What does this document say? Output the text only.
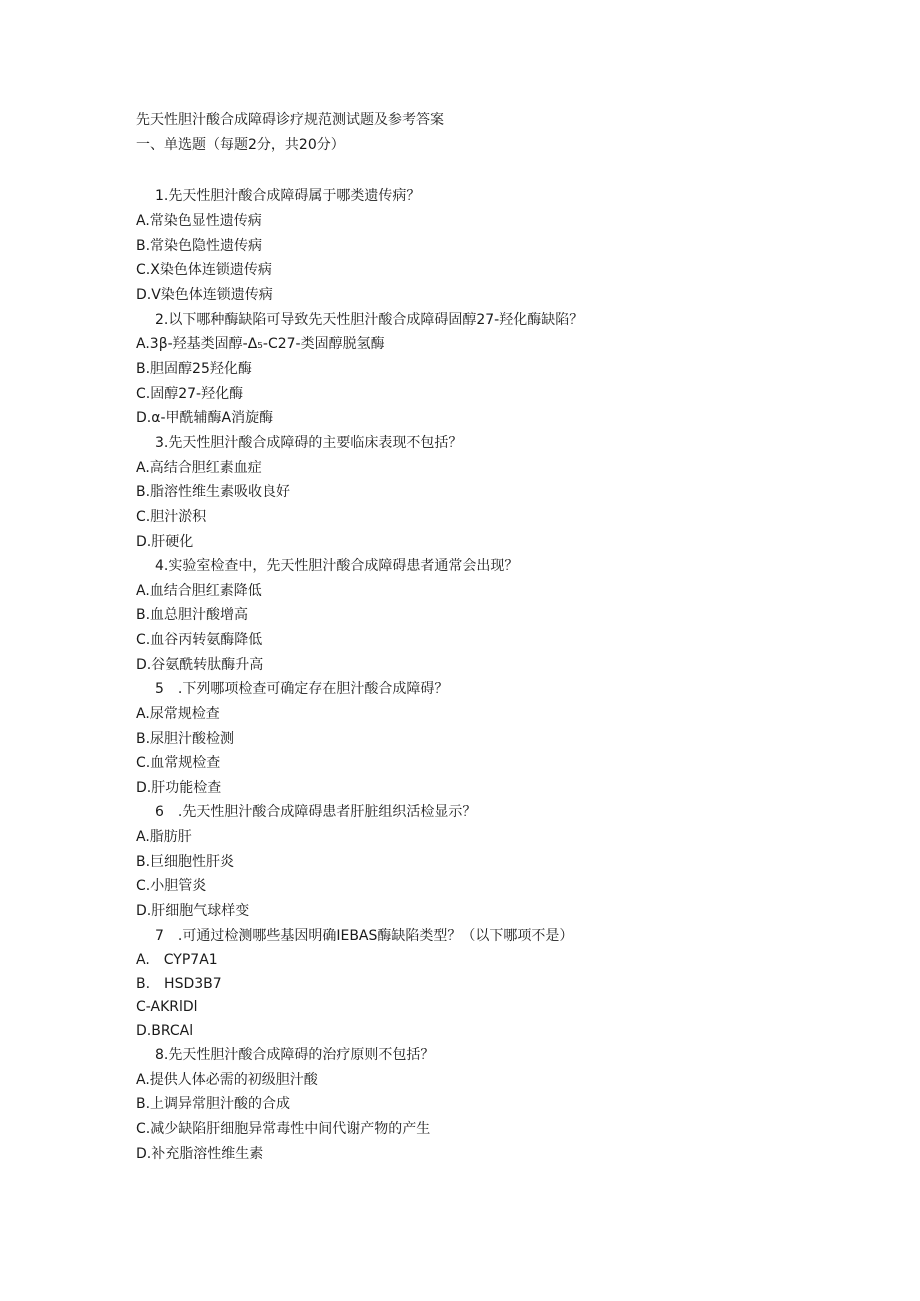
先天性胆汁酸合成障碍诊疗规范测试题及参考答案
一、单选题（每题2分，共20分）
1.先天性胆汁酸合成障碍属于哪类遗传病？
A.常染色显性遗传病
B.常染色隐性遗传病
C.X染色体连锁遗传病
D.V染色体连锁遗传病
2.以下哪种酶缺陷可导致先天性胆汁酸合成障碍固醇27-羟化酶缺陷？
A.3β-羟基类固醇-Δ₅-C27-类固醇脱氢酶
B.胆固醇25羟化酶
C.固醇27-羟化酶
D.α-甲酰辅酶A消旋酶
3.先天性胆汁酸合成障碍的主要临床表现不包括？
A.高结合胆红素血症
B.脂溶性维生素吸收良好
C.胆汁淤积
D.肝硬化
4.实验室检查中，先天性胆汁酸合成障碍患者通常会出现？
A.血结合胆红素降低
B.血总胆汁酸增高
C.血谷丙转氨酶降低
D.谷氨酰转肽酶升高
5　.下列哪项检查可确定存在胆汁酸合成障碍？
A.尿常规检查
B.尿胆汁酸检测
C.血常规检查
D.肝功能检查
6　.先天性胆汁酸合成障碍患者肝脏组织活检显示？
A.脂肪肝
B.巨细胞性肝炎
C.小胆管炎
D.肝细胞气球样变
7　.可通过检测哪些基因明确IEBAS酶缺陷类型？（以下哪项不是）
A.　CYP7A1
B.　HSD3B7
C-AKRlDl
D.BRCAl
8.先天性胆汁酸合成障碍的治疗原则不包括？
A.提供人体必需的初级胆汁酸
B.上调异常胆汁酸的合成
C.减少缺陷肝细胞异常毒性中间代谢产物的产生
D.补充脂溶性维生素
